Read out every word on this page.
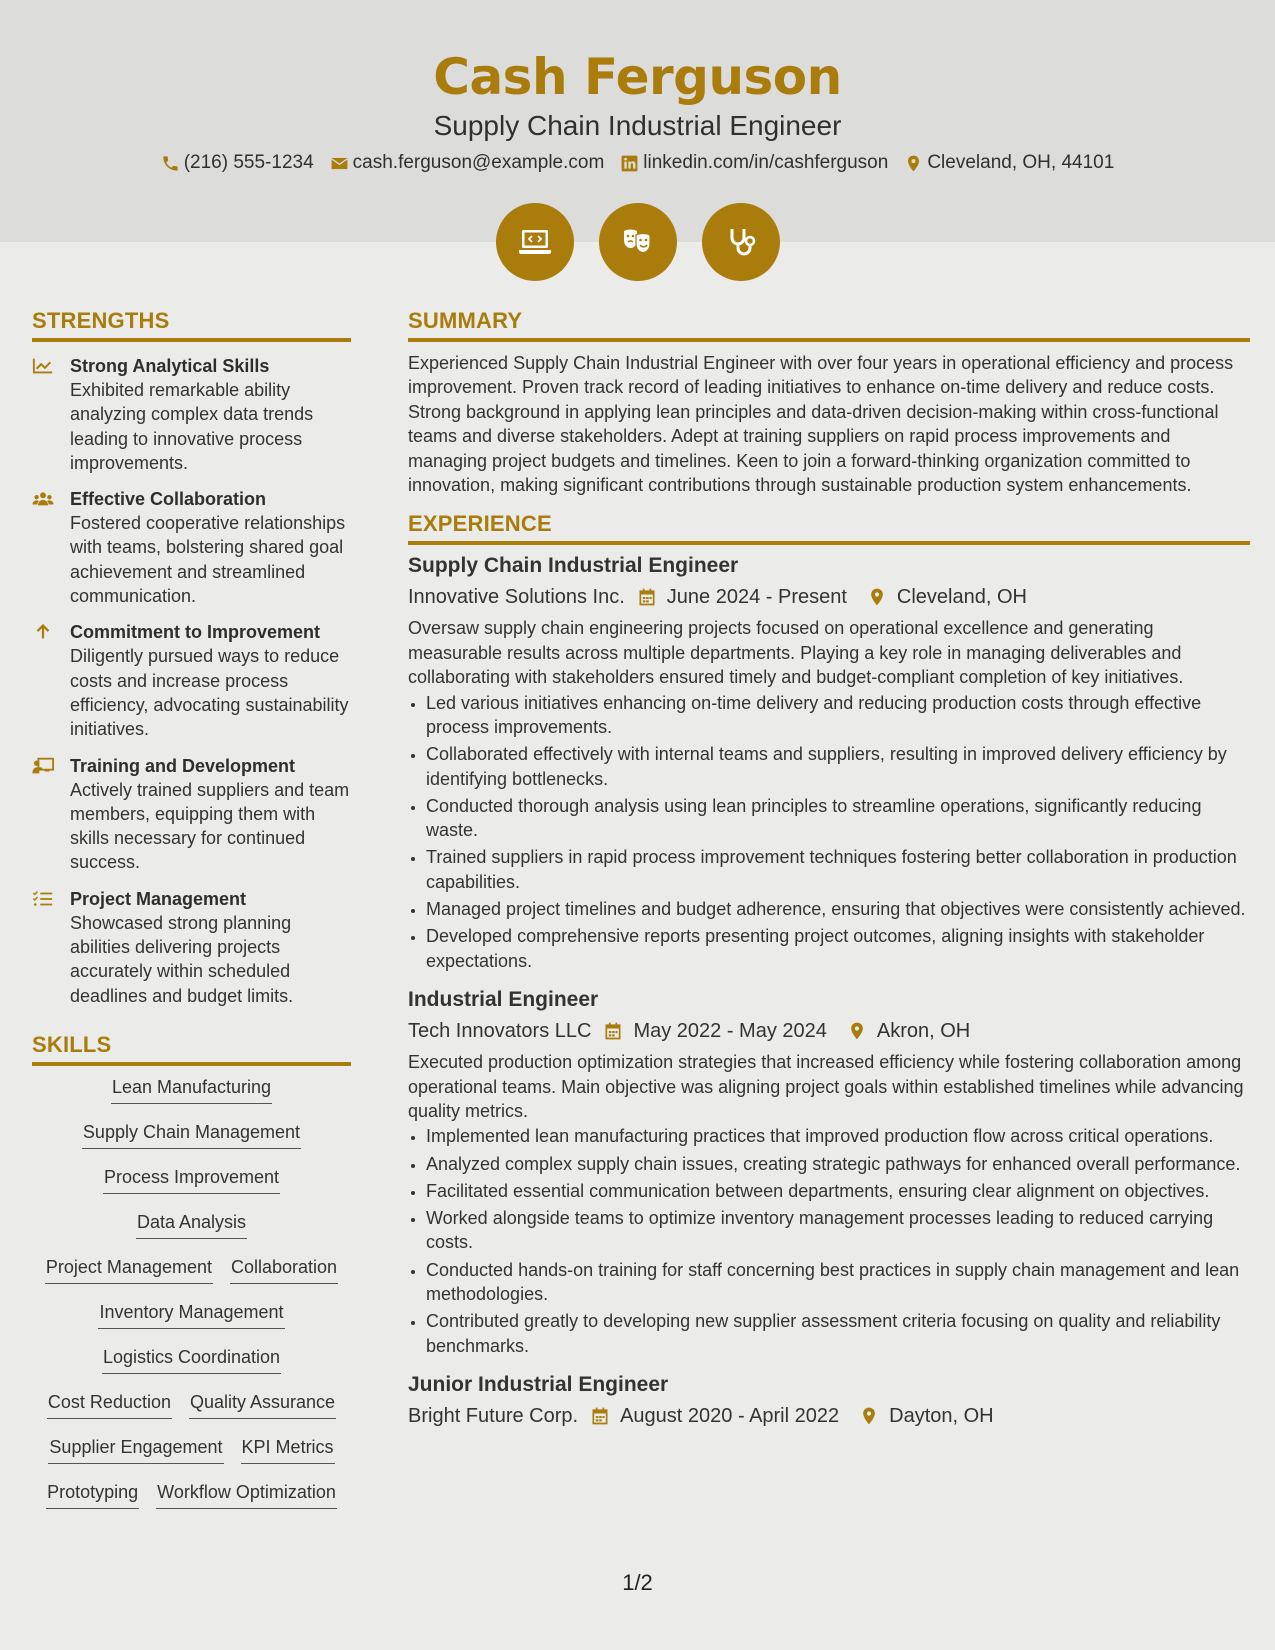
Cash Ferguson
Supply Chain Industrial Engineer
(216) 555-1234 cash.ferguson@example.com linkedin.com/in/cashferguson Cleveland, OH, 44101
STRENGTHS
Strong Analytical Skills
Exhibited remarkable ability analyzing complex data trends leading to innovative process improvements.
Effective Collaboration
Fostered cooperative relationships with teams, bolstering shared goal achievement and streamlined communication.
Commitment to Improvement
Diligently pursued ways to reduce costs and increase process efficiency, advocating sustainability initiatives.
Training and Development
Actively trained suppliers and team members, equipping them with skills necessary for continued success.
Project Management
Showcased strong planning abilities delivering projects accurately within scheduled deadlines and budget limits.
SKILLS
Lean Manufacturing
Supply Chain Management
Process Improvement
Data Analysis
Project Management Collaboration
Inventory Management
Logistics Coordination
Cost Reduction Quality Assurance
Supplier Engagement KPI Metrics
Prototyping Workflow Optimization
SUMMARY
Experienced Supply Chain Industrial Engineer with over four years in operational efficiency and process improvement. Proven track record of leading initiatives to enhance on-time delivery and reduce costs. Strong background in applying lean principles and data-driven decision-making within cross-functional teams and diverse stakeholders. Adept at training suppliers on rapid process improvements and managing project budgets and timelines. Keen to join a forward-thinking organization committed to innovation, making significant contributions through sustainable production system enhancements.
EXPERIENCE
Supply Chain Industrial Engineer
Innovative Solutions Inc. June 2024 - Present	Cleveland, OH
Oversaw supply chain engineering projects focused on operational excellence and generating measurable results across multiple departments. Playing a key role in managing deliverables and collaborating with stakeholders ensured timely and budget-compliant completion of key initiatives.
• Led various initiatives enhancing on-time delivery and reducing production costs through effective process improvements.
• Collaborated effectively with internal teams and suppliers, resulting in improved delivery efficiency by identifying bottlenecks.
• Conducted thorough analysis using lean principles to streamline operations, significantly reducing waste.
• Trained suppliers in rapid process improvement techniques fostering better collaboration in production capabilities.
• Managed project timelines and budget adherence, ensuring that objectives were consistently achieved.
• Developed comprehensive reports presenting project outcomes, aligning insights with stakeholder expectations.
Industrial Engineer
Tech Innovators LLC May 2022 - May 2024	Akron, OH
Executed production optimization strategies that increased efficiency while fostering collaboration among operational teams. Main objective was aligning project goals within established timelines while advancing quality metrics.
• Implemented lean manufacturing practices that improved production flow across critical operations.
• Analyzed complex supply chain issues, creating strategic pathways for enhanced overall performance.
• Facilitated essential communication between departments, ensuring clear alignment on objectives.
• Worked alongside teams to optimize inventory management processes leading to reduced carrying costs.
• Conducted hands-on training for staff concerning best practices in supply chain management and lean methodologies.
• Contributed greatly to developing new supplier assessment criteria focusing on quality and reliability benchmarks.
Junior Industrial Engineer
Bright Future Corp. August 2020 - April 2022	Dayton, OH
1/2
